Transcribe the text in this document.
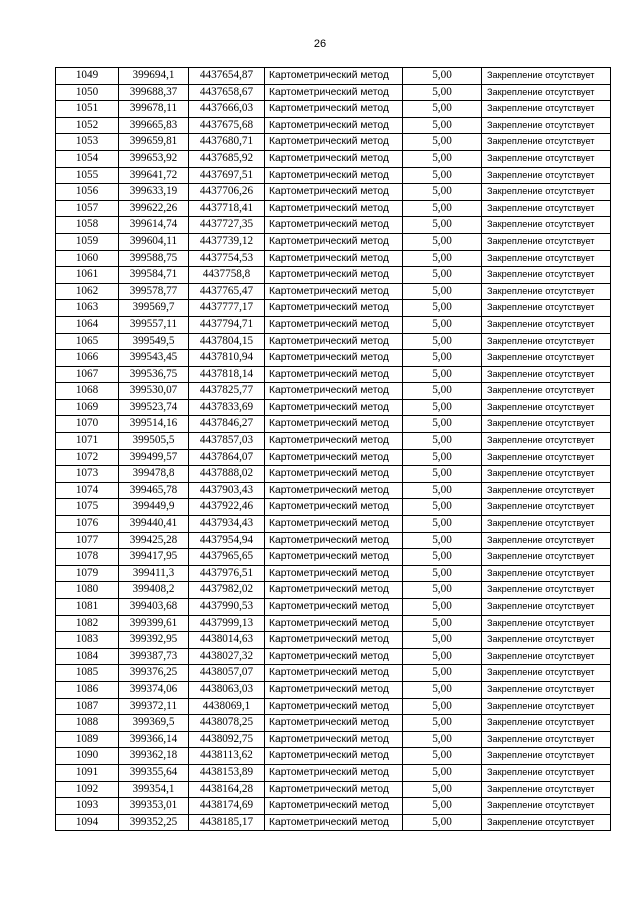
26
1049	399694,1	4437654,87	Картометрический метод	5,00	Закрепление отсутствует
1050	399688,37	4437658,67	Картометрический метод	5,00	Закрепление отсутствует
1051	399678,11	4437666,03	Картометрический метод	5,00	Закрепление отсутствует
1052	399665,83	4437675,68	Картометрический метод	5,00	Закрепление отсутствует
1053	399659,81	4437680,71	Картометрический метод	5,00	Закрепление отсутствует
1054	399653,92	4437685,92	Картометрический метод	5,00	Закрепление отсутствует
1055	399641,72	4437697,51	Картометрический метод	5,00	Закрепление отсутствует
1056	399633,19	4437706,26	Картометрический метод	5,00	Закрепление отсутствует
1057	399622,26	4437718,41	Картометрический метод	5,00	Закрепление отсутствует
1058	399614,74	4437727,35	Картометрический метод	5,00	Закрепление отсутствует
1059	399604,11	4437739,12	Картометрический метод	5,00	Закрепление отсутствует
1060	399588,75	4437754,53	Картометрический метод	5,00	Закрепление отсутствует
1061	399584,71	4437758,8	Картометрический метод	5,00	Закрепление отсутствует
1062	399578,77	4437765,47	Картометрический метод	5,00	Закрепление отсутствует
1063	399569,7	4437777,17	Картометрический метод	5,00	Закрепление отсутствует
1064	399557,11	4437794,71	Картометрический метод	5,00	Закрепление отсутствует
1065	399549,5	4437804,15	Картометрический метод	5,00	Закрепление отсутствует
1066	399543,45	4437810,94	Картометрический метод	5,00	Закрепление отсутствует
1067	399536,75	4437818,14	Картометрический метод	5,00	Закрепление отсутствует
1068	399530,07	4437825,77	Картометрический метод	5,00	Закрепление отсутствует
1069	399523,74	4437833,69	Картометрический метод	5,00	Закрепление отсутствует
1070	399514,16	4437846,27	Картометрический метод	5,00	Закрепление отсутствует
1071	399505,5	4437857,03	Картометрический метод	5,00	Закрепление отсутствует
1072	399499,57	4437864,07	Картометрический метод	5,00	Закрепление отсутствует
1073	399478,8	4437888,02	Картометрический метод	5,00	Закрепление отсутствует
1074	399465,78	4437903,43	Картометрический метод	5,00	Закрепление отсутствует
1075	399449,9	4437922,46	Картометрический метод	5,00	Закрепление отсутствует
1076	399440,41	4437934,43	Картометрический метод	5,00	Закрепление отсутствует
1077	399425,28	4437954,94	Картометрический метод	5,00	Закрепление отсутствует
1078	399417,95	4437965,65	Картометрический метод	5,00	Закрепление отсутствует
1079	399411,3	4437976,51	Картометрический метод	5,00	Закрепление отсутствует
1080	399408,2	4437982,02	Картометрический метод	5,00	Закрепление отсутствует
1081	399403,68	4437990,53	Картометрический метод	5,00	Закрепление отсутствует
1082	399399,61	4437999,13	Картометрический метод	5,00	Закрепление отсутствует
1083	399392,95	4438014,63	Картометрический метод	5,00	Закрепление отсутствует
1084	399387,73	4438027,32	Картометрический метод	5,00	Закрепление отсутствует
1085	399376,25	4438057,07	Картометрический метод	5,00	Закрепление отсутствует
1086	399374,06	4438063,03	Картометрический метод	5,00	Закрепление отсутствует
1087	399372,11	4438069,1	Картометрический метод	5,00	Закрепление отсутствует
1088	399369,5	4438078,25	Картометрический метод	5,00	Закрепление отсутствует
1089	399366,14	4438092,75	Картометрический метод	5,00	Закрепление отсутствует
1090	399362,18	4438113,62	Картометрический метод	5,00	Закрепление отсутствует
1091	399355,64	4438153,89	Картометрический метод	5,00	Закрепление отсутствует
1092	399354,1	4438164,28	Картометрический метод	5,00	Закрепление отсутствует
1093	399353,01	4438174,69	Картометрический метод	5,00	Закрепление отсутствует
1094	399352,25	4438185,17	Картометрический метод	5,00	Закрепление отсутствует
